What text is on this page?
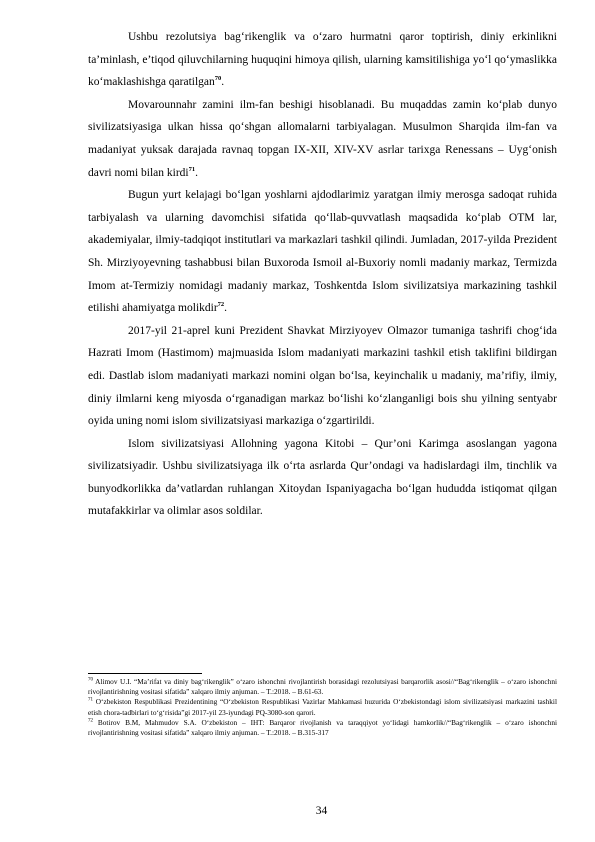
Ushbu rezolutsiya bag‘rikenglik va o‘zaro hurmatni qaror toptirish, diniy erkinlikni ta’minlash, e’tiqod qiluvchilarning huquqini himoya qilish, ularning kamsitilishiga yo‘l qo‘ymaslikka ko‘maklashishga qaratilgan$^{70}$.

Movarounnahr zamini ilm-fan beshigi hisoblanadi. Bu muqaddas zamin ko‘plab dunyo sivilizatsiyasiga ulkan hissa qo‘shgan allomalarni tarbiyalagan. Musulmon Sharqida ilm-fan va madaniyat yuksak darajada ravnaq topgan IX-XII, XIV-XV asrlar tarixga Renessans – Uyg‘onish davri nomi bilan kirdi$^{71}$.

Bugun yurt kelajagi bo‘lgan yoshlarni ajdodlarimiz yaratgan ilmiy merosga sadoqat ruhida tarbiyalash va ularning davomchisi sifatida qo‘llab-quvvatlash maqsadida ko‘plab OTM lar, akademiyalar, ilmiy-tadqiqot institutlari va markazlari tashkil qilindi. Jumladan, 2017-yilda Prezident Sh. Mirziyoyevning tashabbusi bilan Buxoroda Ismoil al-Buxoriy nomli madaniy markaz, Termizda Imom at-Termiziy nomidagi madaniy markaz, Toshkentda Islom sivilizatsiya markazining tashkil etilishi ahamiyatga molikdir$^{72}$.

2017-yil 21-aprel kuni Prezident Shavkat Mirziyoyev Olmazor tumaniga tashrifi chog‘ida Hazrati Imom (Hastimom) majmuasida Islom madaniyati markazini tashkil etish taklifini bildirgan edi. Dastlab islom madaniyati markazi nomini olgan bo‘lsa, keyinchalik u madaniy, ma’rifiy, ilmiy, diniy ilmlarni keng miyosda o‘rganadigan markaz bo‘lishi ko‘zlanganligi bois shu yilning sentyabr oyida uning nomi islom sivilizatsiyasi markaziga o‘zgartirildi.

Islom sivilizatsiyasi Allohning yagona Kitobi – Qur’oni Karimga asoslangan yagona sivilizatsiyadir. Ushbu sivilizatsiyaga ilk o‘rta asrlarda Qur’ondagi va hadislardagi ilm, tinchlik va bunyodkorlikka da’vatlardan ruhlangan Xitoydan Ispaniyagacha bo‘lgan hududda istiqomat qilgan mutafakkirlar va olimlar asos soldilar.

$^{70}$ Alimov U.I. “Ma’rifat va diniy bag‘rikenglik” o‘zaro ishonchni rivojlantirish borasidagi rezolutsiyasi barqarorlik asosi//“Bag‘rikenglik – o‘zaro ishonchni rivojlantirishning vositasi sifatida” xalqaro ilmiy anjuman. – T.:2018. – B.61-63.

$^{71}$ O‘zbekiston Respublikasi Prezidentining “O‘zbekiston Respublikasi Vazirlar Mahkamasi huzurida O‘zbekistondagi islom sivilizatsiyasi markazini tashkil etish chora-tadbirlari to‘g‘risida”gi 2017-yil 23-iyundagi PQ-3080-son qarori.

$^{72}$ Botirov B.M, Mahmudov S.A. O‘zbekiston – IHT: Barqaror rivojlanish va taraqqiyot yo‘lidagi hamkorlik//“Bag‘rikenglik – o‘zaro ishonchni rivojlantirishning vositasi sifatida” xalqaro ilmiy anjuman. – T.:2018. – B.315-317

34
